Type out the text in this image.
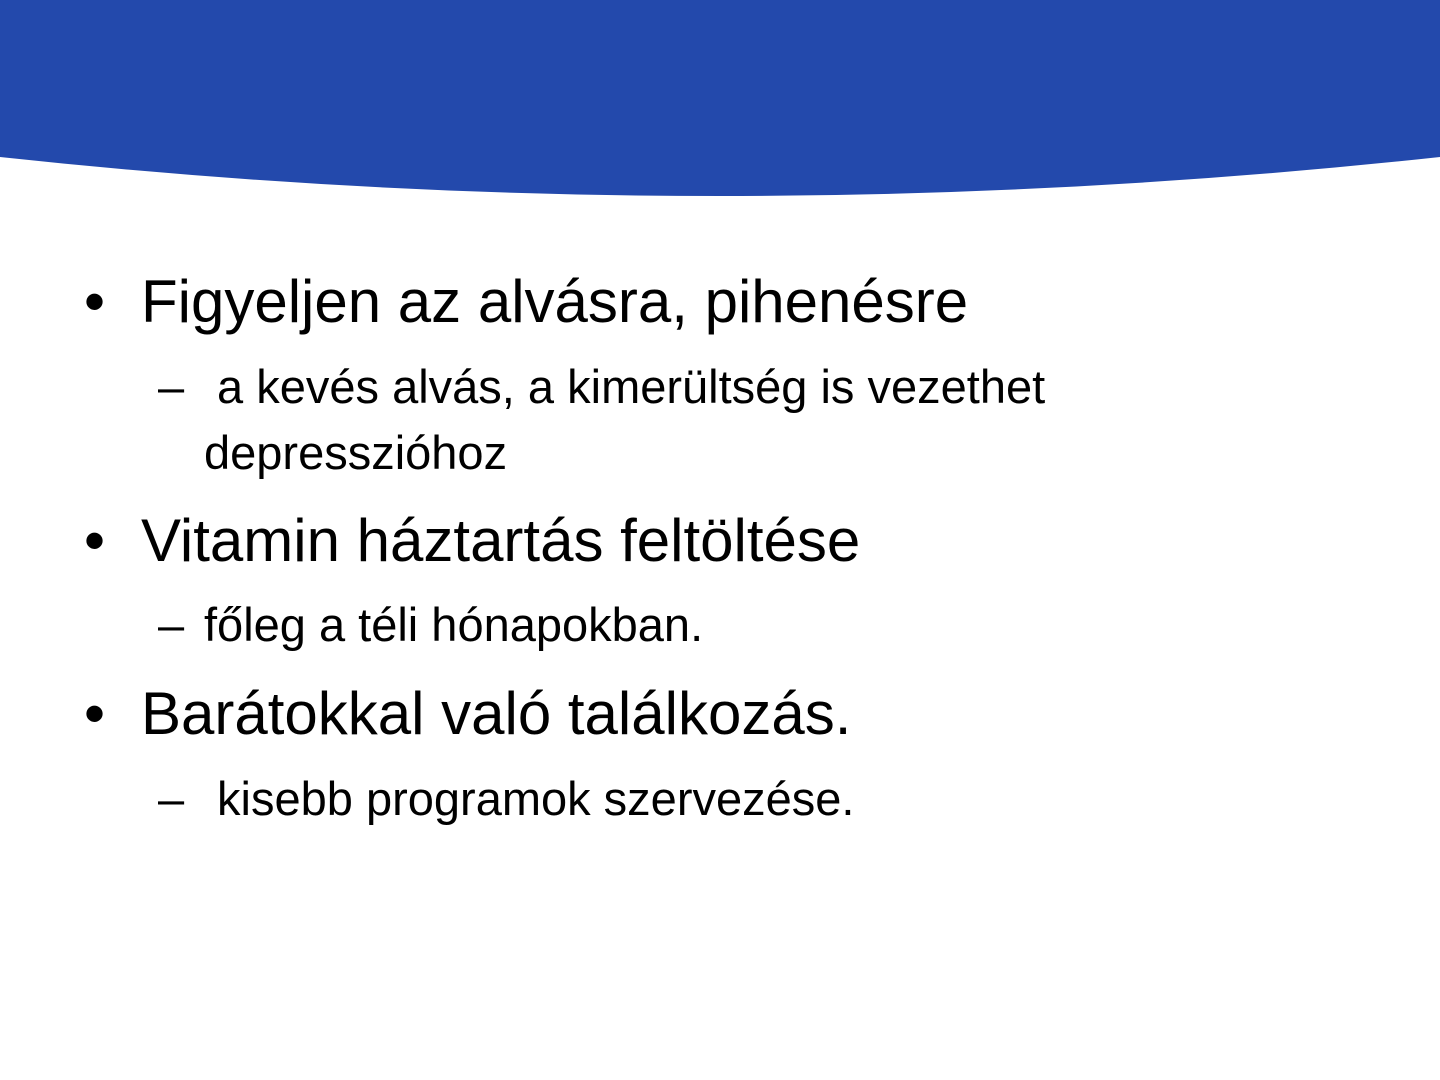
• Figyeljen az alvásra, pihenésre
– a kevés alvás, a kimerültség is vezethet
depresszióhoz
• Vitamin háztartás feltöltése
– főleg a téli hónapokban.
• Barátokkal való találkozás.
– kisebb programok szervezése.
